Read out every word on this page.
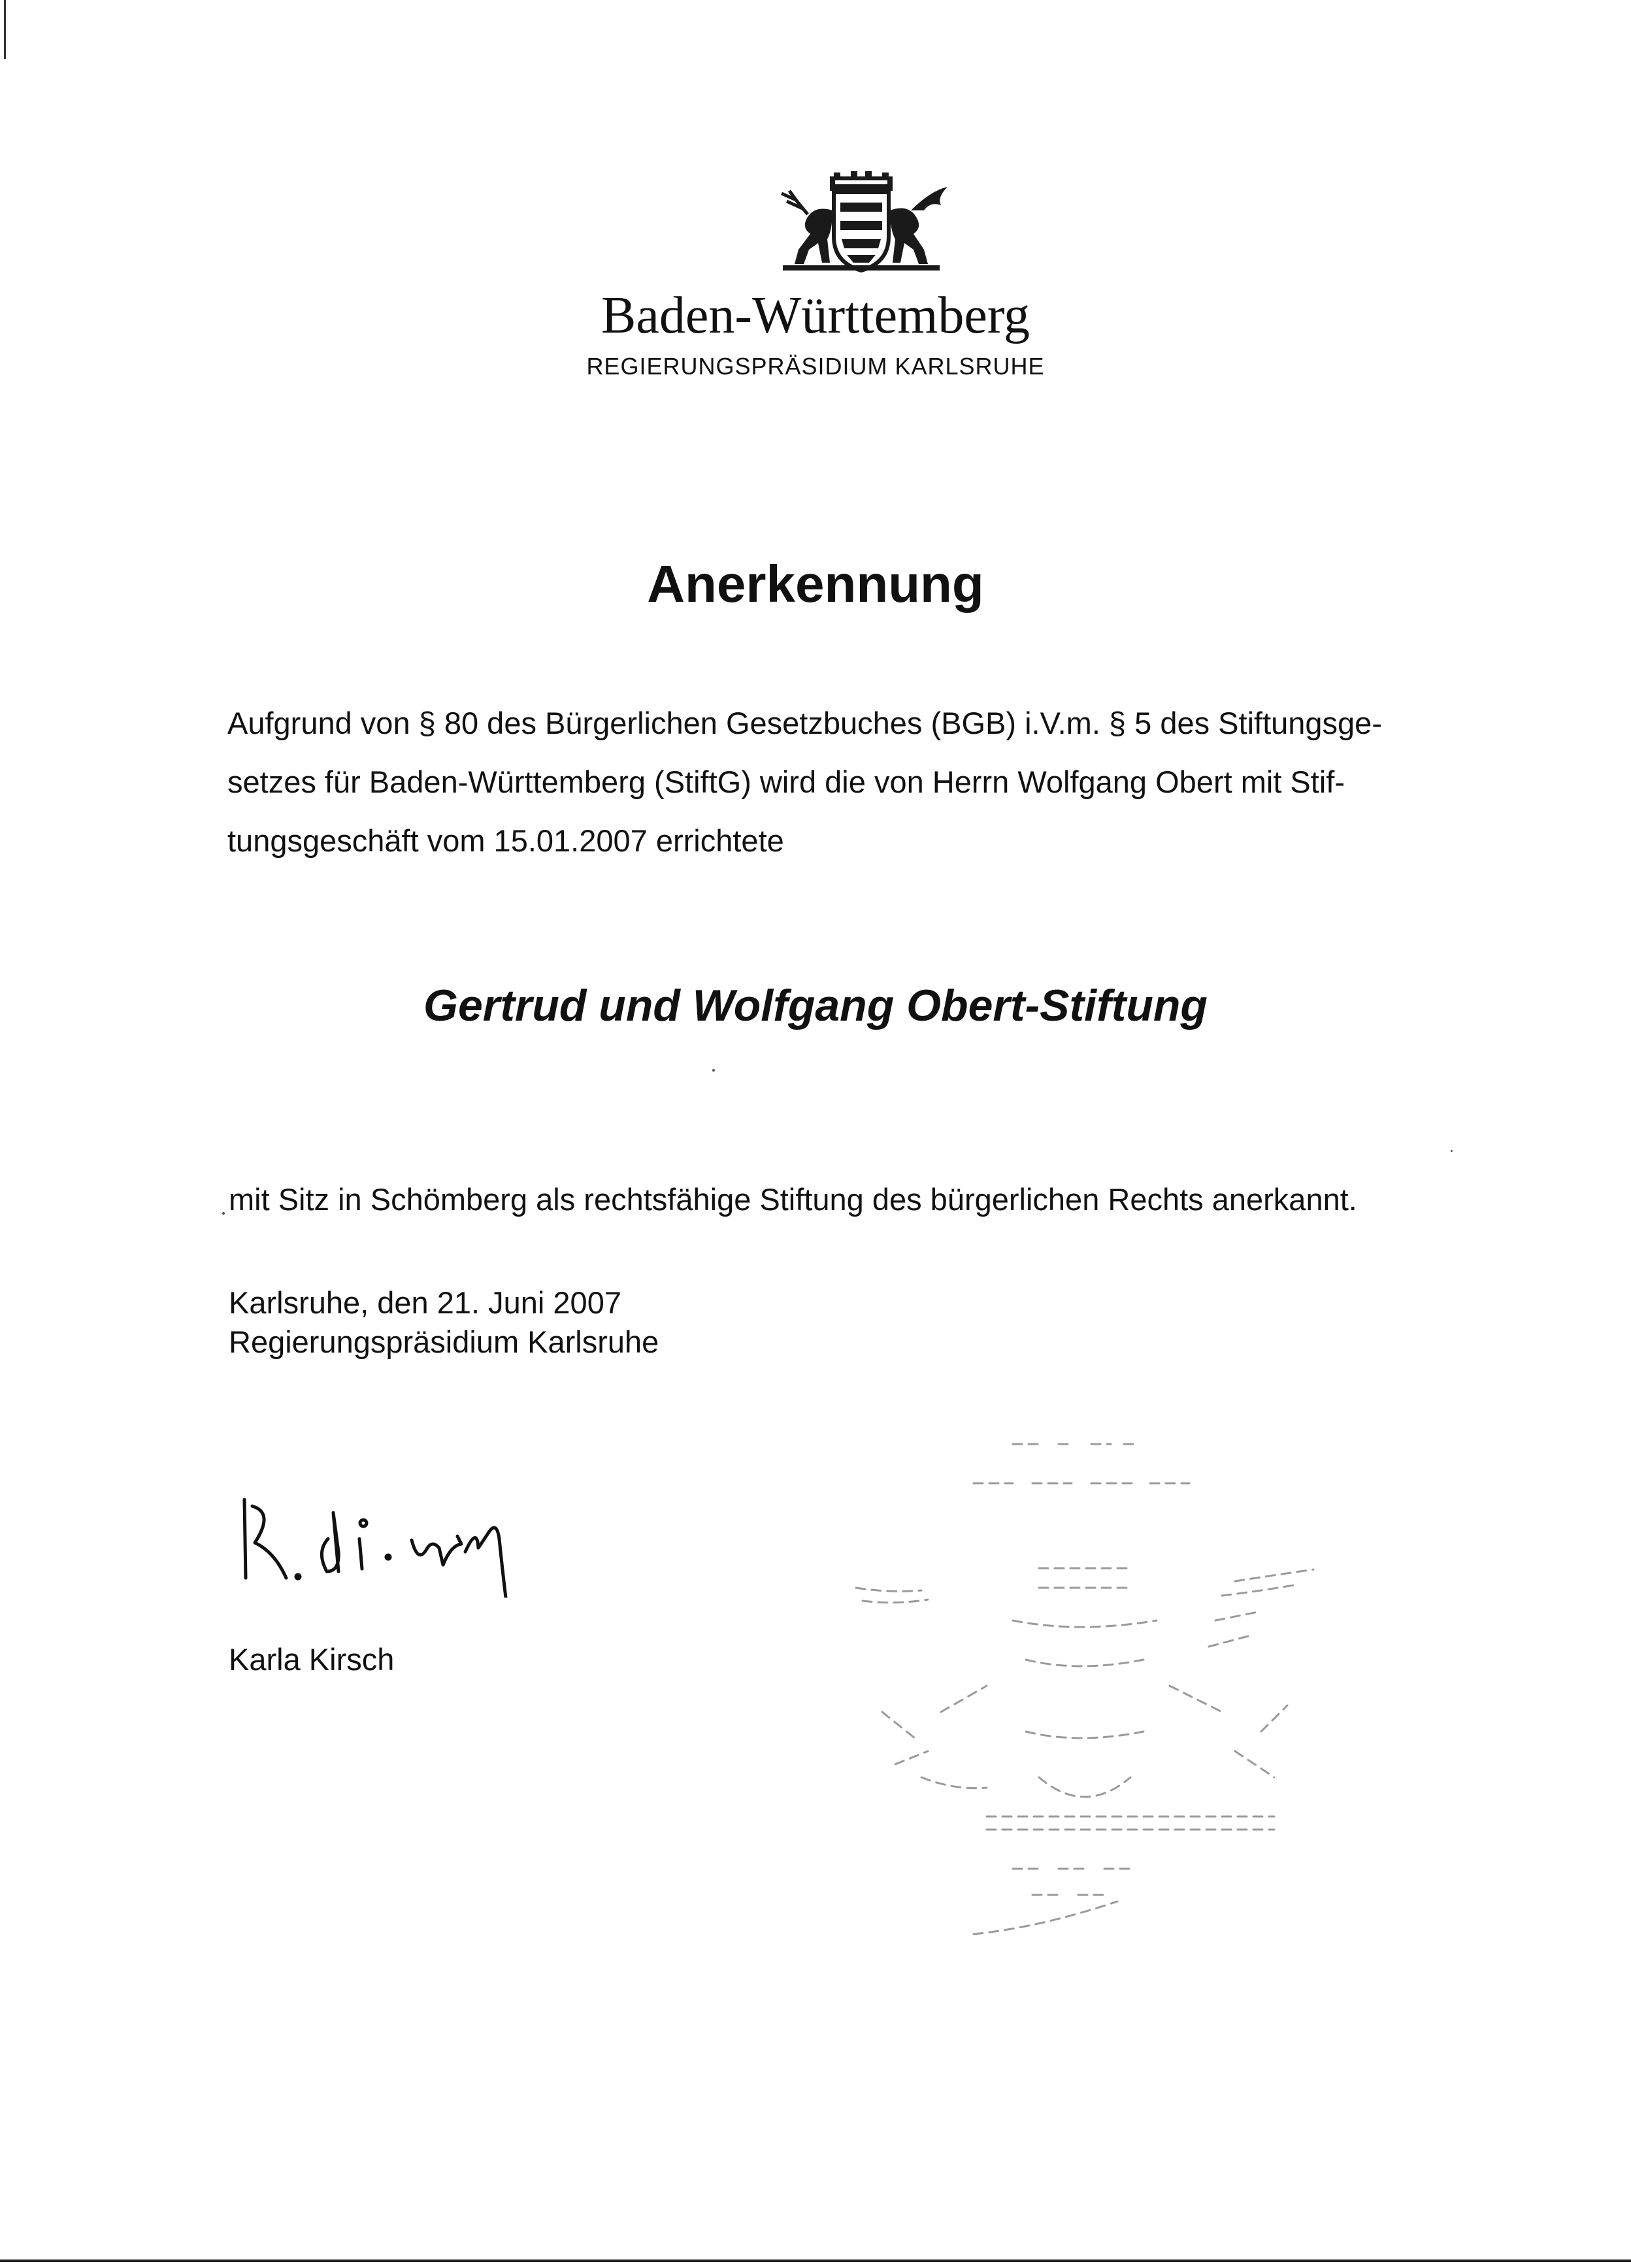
Baden-Württemberg
REGIERUNGSPRÄSIDIUM KARLSRUHE
Anerkennung
Aufgrund von § 80 des Bürgerlichen Gesetzbuches (BGB) i.V.m. § 5 des Stiftungsge-
setzes für Baden-Württemberg (StiftG) wird die von Herrn Wolfgang Obert mit Stif-
tungsgeschäft vom 15.01.2007 errichtete
Gertrud und Wolfgang Obert-Stiftung
mit Sitz in Schömberg als rechtsfähige Stiftung des bürgerlichen Rechts anerkannt.
Karlsruhe, den 21. Juni 2007
Regierungspräsidium Karlsruhe
Karla Kirsch
